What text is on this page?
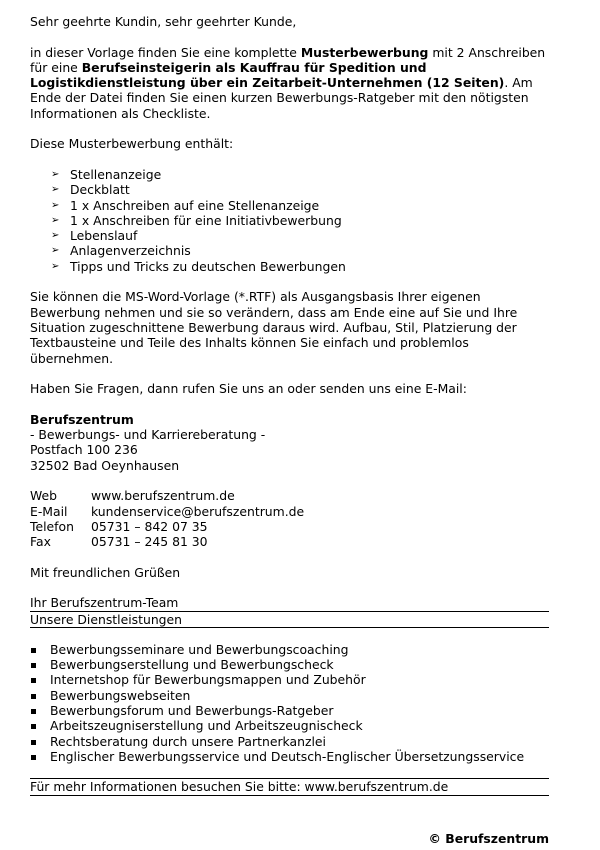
Sehr geehrte Kundin, sehr geehrter Kunde,

in dieser Vorlage finden Sie eine komplette Musterbewerbung mit 2 Anschreiben für eine Berufseinsteigerin als Kauffrau für Spedition und Logistikdienstleistung über ein Zeitarbeit-Unternehmen (12 Seiten). Am Ende der Datei finden Sie einen kurzen Bewerbungs-Ratgeber mit den nötigsten Informationen als Checkliste.

Diese Musterbewerbung enthält:

➢ Stellenanzeige
➢ Deckblatt
➢ 1 x Anschreiben auf eine Stellenanzeige
➢ 1 x Anschreiben für eine Initiativbewerbung
➢ Lebenslauf
➢ Anlagenverzeichnis
➢ Tipps und Tricks zu deutschen Bewerbungen

Sie können die MS-Word-Vorlage (*.RTF) als Ausgangsbasis Ihrer eigenen Bewerbung nehmen und sie so verändern, dass am Ende eine auf Sie und Ihre Situation zugeschnittene Bewerbung daraus wird. Aufbau, Stil, Platzierung der Textbausteine und Teile des Inhalts können Sie einfach und problemlos übernehmen.

Haben Sie Fragen, dann rufen Sie uns an oder senden uns eine E-Mail:

Berufszentrum

- Bewerbungs- und Karriereberatung -

Postfach 100 236

32502 Bad Oeynhausen

Web	www.berufszentrum.de
E-Mail	kundenservice@berufszentrum.de
Telefon	05731 – 842 07 35
Fax	05731 – 245 81 30

Mit freundlichen Grüßen

Ihr Berufszentrum-Team

Unsere Dienstleistungen

Bewerbungsseminare und Bewerbungscoaching
Bewerbungserstellung und Bewerbungscheck
Internetshop für Bewerbungsmappen und Zubehör
Bewerbungswebseiten
Bewerbungsforum und Bewerbungs-Ratgeber
Arbeitszeugniserstellung und Arbeitszeugnischeck
Rechtsberatung durch unsere Partnerkanzlei
Englischer Bewerbungsservice und Deutsch-Englischer Übersetzungsservice

Für mehr Informationen besuchen Sie bitte: www.berufszentrum.de

© Berufszentrum
